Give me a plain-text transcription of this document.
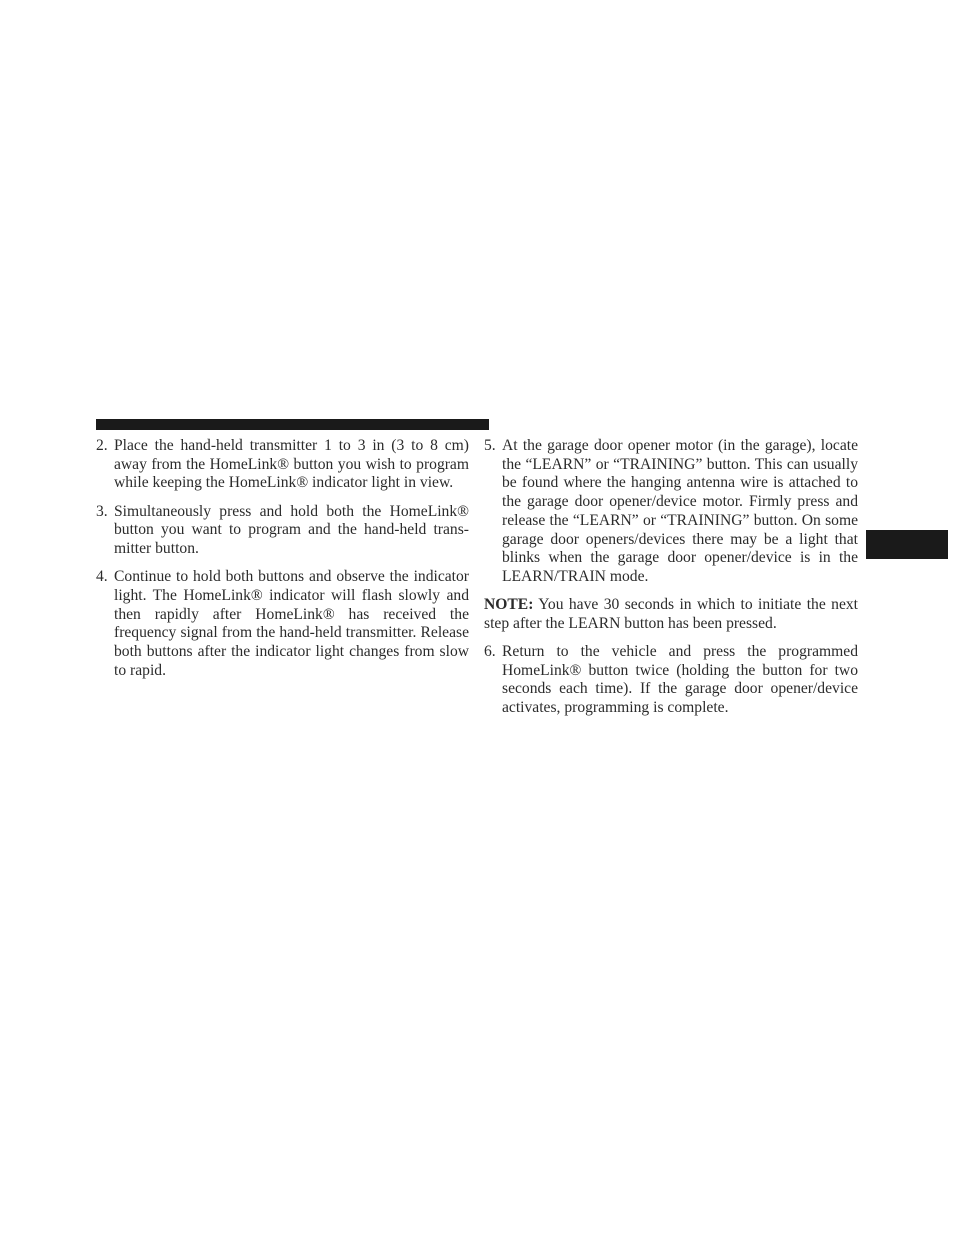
2. Place the hand-held transmitter 1 to 3 in (3 to 8 cm) away from the HomeLink® button you wish to program while keeping the HomeLink® indicator light in view.
3. Simultaneously press and hold both the HomeLink® button you want to program and the hand-held transmitter button.
4. Continue to hold both buttons and observe the indicator light. The HomeLink® indicator will flash slowly and then rapidly after HomeLink® has received the frequency signal from the hand-held transmitter. Release both buttons after the indicator light changes from slow to rapid.
5. At the garage door opener motor (in the garage), locate the “LEARN” or “TRAINING” button. This can usually be found where the hanging antenna wire is attached to the garage door opener/device motor. Firmly press and release the “LEARN” or “TRAINING” button. On some garage door openers/devices there may be a light that blinks when the garage door opener/device is in the LEARN/TRAIN mode.
NOTE: You have 30 seconds in which to initiate the next step after the LEARN button has been pressed.
6. Return to the vehicle and press the programmed HomeLink® button twice (holding the button for two seconds each time). If the garage door opener/device activates, programming is complete.
